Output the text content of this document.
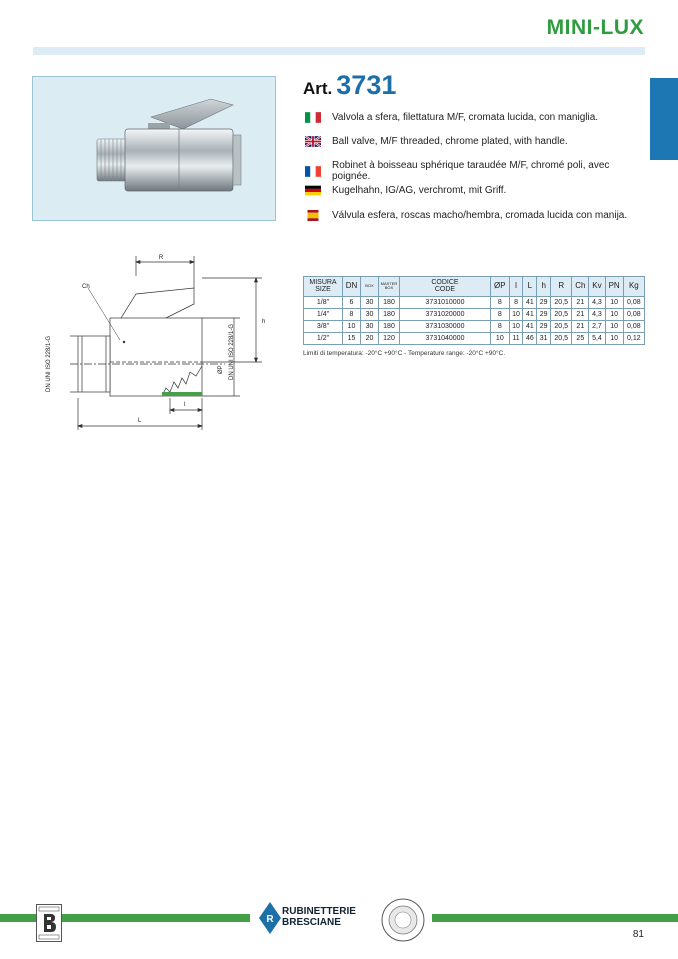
MINI-LUX
Art. 3731
Valvola a sfera, filettatura M/F, cromata lucida, con maniglia.
Ball valve, M/F threaded, chrome plated, with handle.
Robinet à boisseau sphérique taraudée M/F, chromé poli, avec poignée.
Kugelhahn, IG/AG, verchromt, mit Griff.
Válvula esfera, roscas macho/hembra, cromada lucida con manija.
R
Ch
h
L
l
ØP
DN UNI ISO 228/1-G	DN UNI ISO 228/1-G
MISURA
SIZE	DN	BOX	MASTER
BOX	CODICE
CODE	ØP	l	L	h	R	Ch	Kv	PN	Kg
1/8"	6	30	180	3731010000	8	8	41	29	20,5	21	4,3	10	0,08
1/4"	8	30	180	3731020000	8	10	41	29	20,5	21	4,3	10	0,08
3/8"	10	30	180	3731030000	8	10	41	29	20,5	21	2,7	10	0,08
1/2"	15	20	120	3731040000	10	11	46	31	20,5	25	5,4	10	0,12
Limiti di temperatura: -20°C +90°C - Temperature range: -20°C +90°C.
R
RUBINETTERIE
BRESCIANE
81
